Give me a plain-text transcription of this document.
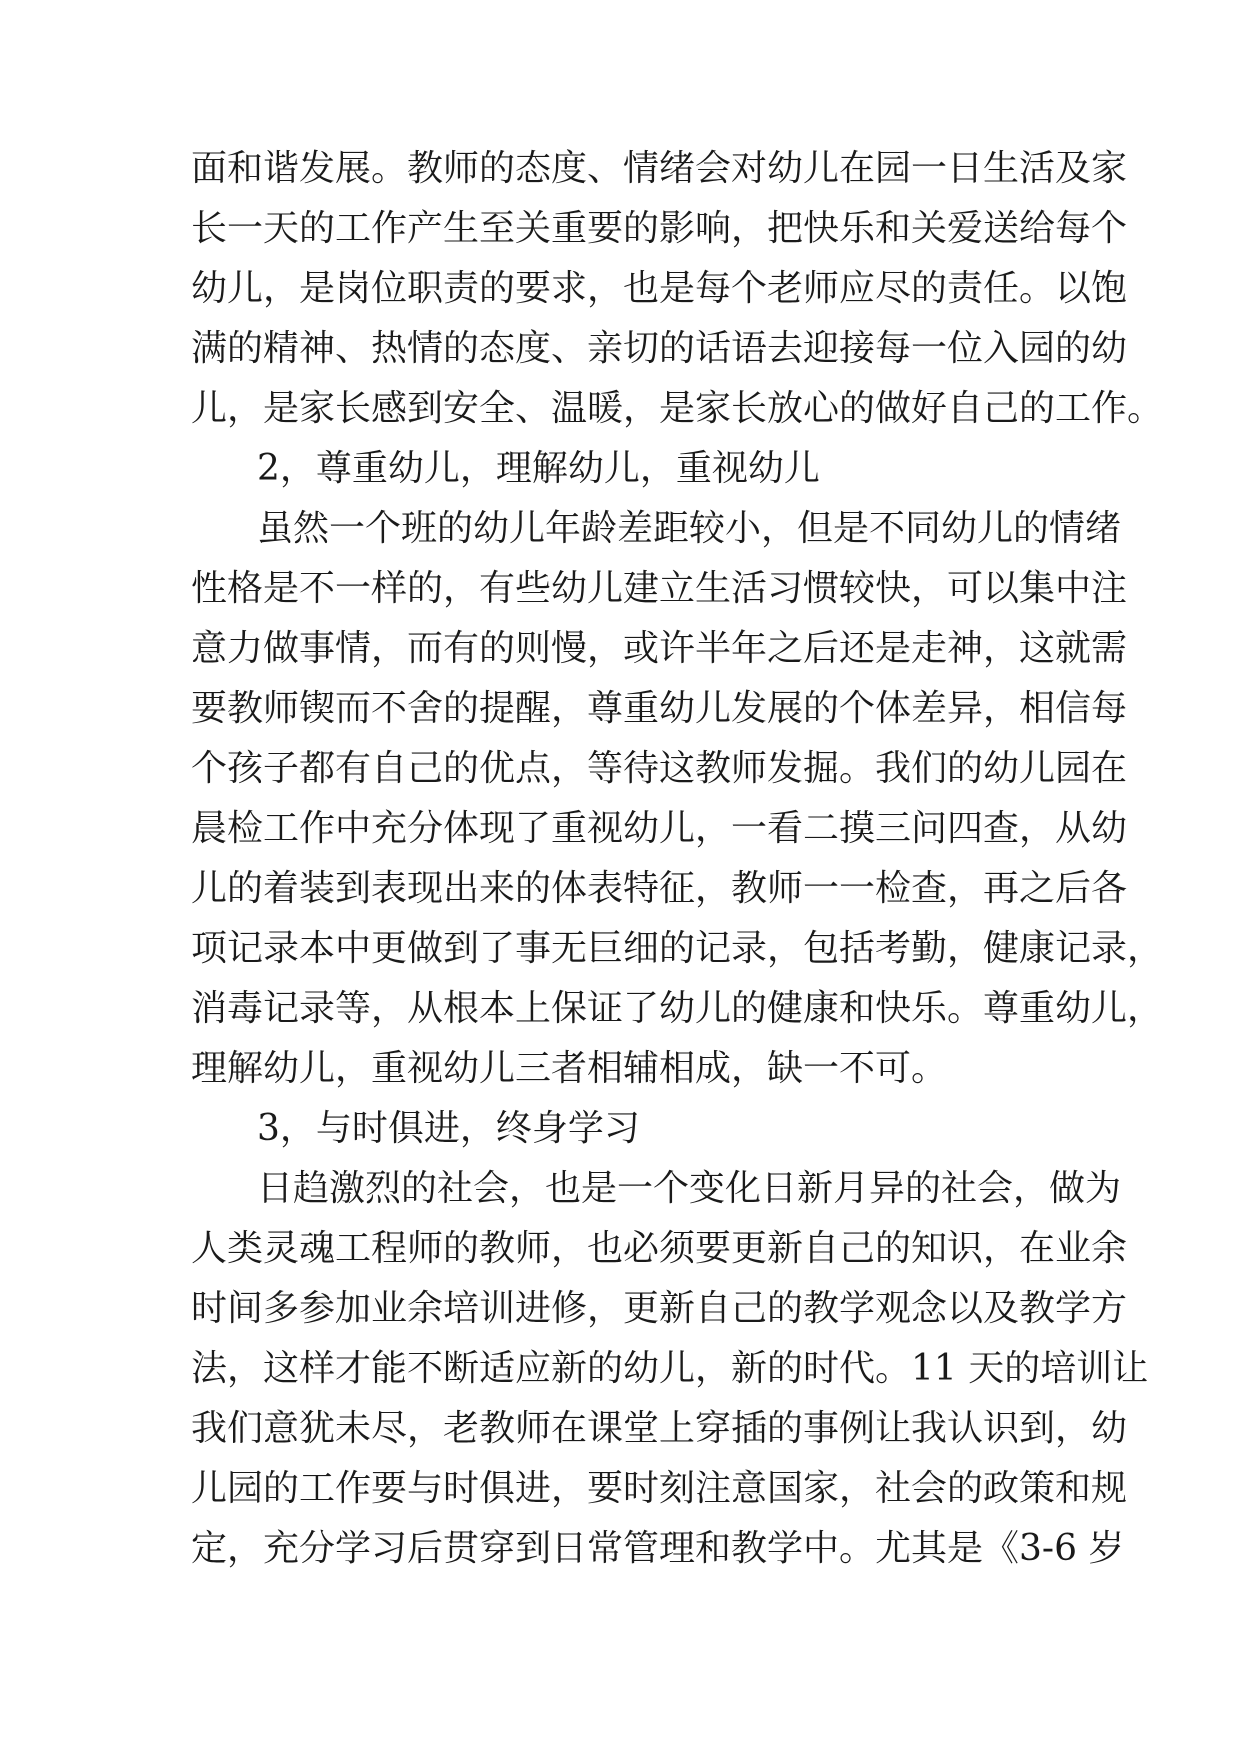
面和谐发展。教师的态度、情绪会对幼儿在园一日生活及家
长一天的工作产生至关重要的影响，把快乐和关爱送给每个
幼儿，是岗位职责的要求，也是每个老师应尽的责任。以饱
满的精神、热情的态度、亲切的话语去迎接每一位入园的幼
儿，是家长感到安全、温暖，是家长放心的做好自己的工作。
2，尊重幼儿，理解幼儿，重视幼儿
虽然一个班的幼儿年龄差距较小，但是不同幼儿的情绪
性格是不一样的，有些幼儿建立生活习惯较快，可以集中注
意力做事情，而有的则慢，或许半年之后还是走神，这就需
要教师锲而不舍的提醒，尊重幼儿发展的个体差异，相信每
个孩子都有自己的优点，等待这教师发掘。我们的幼儿园在
晨检工作中充分体现了重视幼儿，一看二摸三问四查，从幼
儿的着装到表现出来的体表特征，教师一一检查，再之后各
项记录本中更做到了事无巨细的记录，包括考勤，健康记录，
消毒记录等，从根本上保证了幼儿的健康和快乐。尊重幼儿，
理解幼儿，重视幼儿三者相辅相成，缺一不可。
3，与时俱进，终身学习
日趋激烈的社会，也是一个变化日新月异的社会，做为
人类灵魂工程师的教师，也必须要更新自己的知识，在业余
时间多参加业余培训进修，更新自己的教学观念以及教学方
法，这样才能不断适应新的幼儿，新的时代。11 天的培训让
我们意犹未尽，老教师在课堂上穿插的事例让我认识到，幼
儿园的工作要与时俱进，要时刻注意国家，社会的政策和规
定，充分学习后贯穿到日常管理和教学中。尤其是《3-6 岁
